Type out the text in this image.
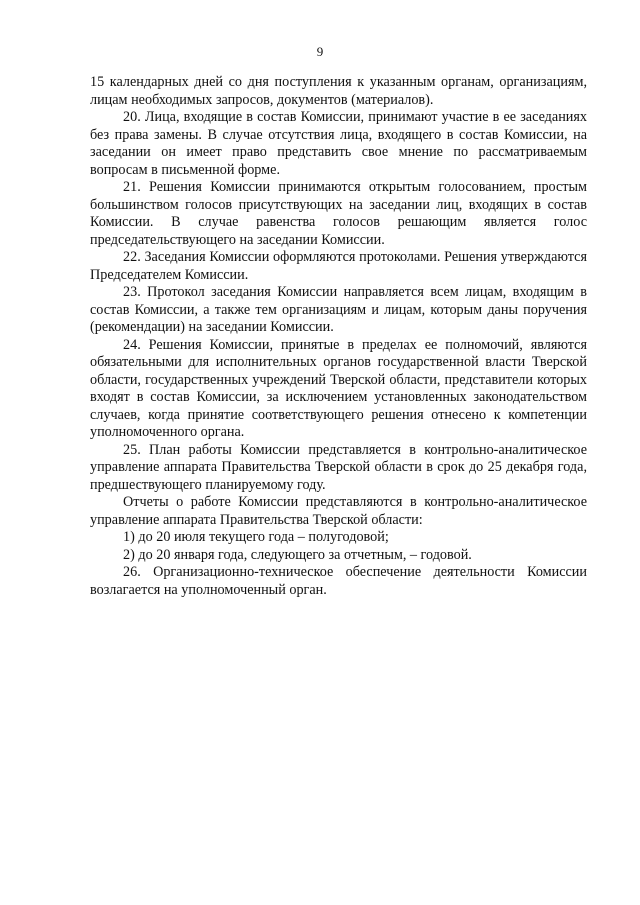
9

15 календарных дней со дня поступления к указанным органам, организациям, лицам необходимых запросов, документов (материалов).

20. Лица, входящие в состав Комиссии, принимают участие в ее заседаниях без права замены. В случае отсутствия лица, входящего в состав Комиссии, на заседании он имеет право представить свое мнение по рассматриваемым вопросам в письменной форме.

21. Решения Комиссии принимаются открытым голосованием, простым большинством голосов присутствующих на заседании лиц, входящих в состав Комиссии. В случае равенства голосов решающим является голос председательствующего на заседании Комиссии.

22. Заседания Комиссии оформляются протоколами. Решения утверждаются Председателем Комиссии.

23. Протокол заседания Комиссии направляется всем лицам, входящим в состав Комиссии, а также тем организациям и лицам, которым даны поручения (рекомендации) на заседании Комиссии.

24. Решения Комиссии, принятые в пределах ее полномочий, являются обязательными для исполнительных органов государственной власти Тверской области, государственных учреждений Тверской области, представители которых входят в состав Комиссии, за исключением установленных законодательством случаев, когда принятие соответствующего решения отнесено к компетенции уполномоченного органа.

25. План работы Комиссии представляется в контрольно-аналитическое управление аппарата Правительства Тверской области в срок до 25 декабря года, предшествующего планируемому году.

Отчеты о работе Комиссии представляются в контрольно-аналитическое управление аппарата Правительства Тверской области:

1) до 20 июля текущего года – полугодовой;

2) до 20 января года, следующего за отчетным, – годовой.

26. Организационно-техническое обеспечение деятельности Комиссии возлагается на уполномоченный орган.
